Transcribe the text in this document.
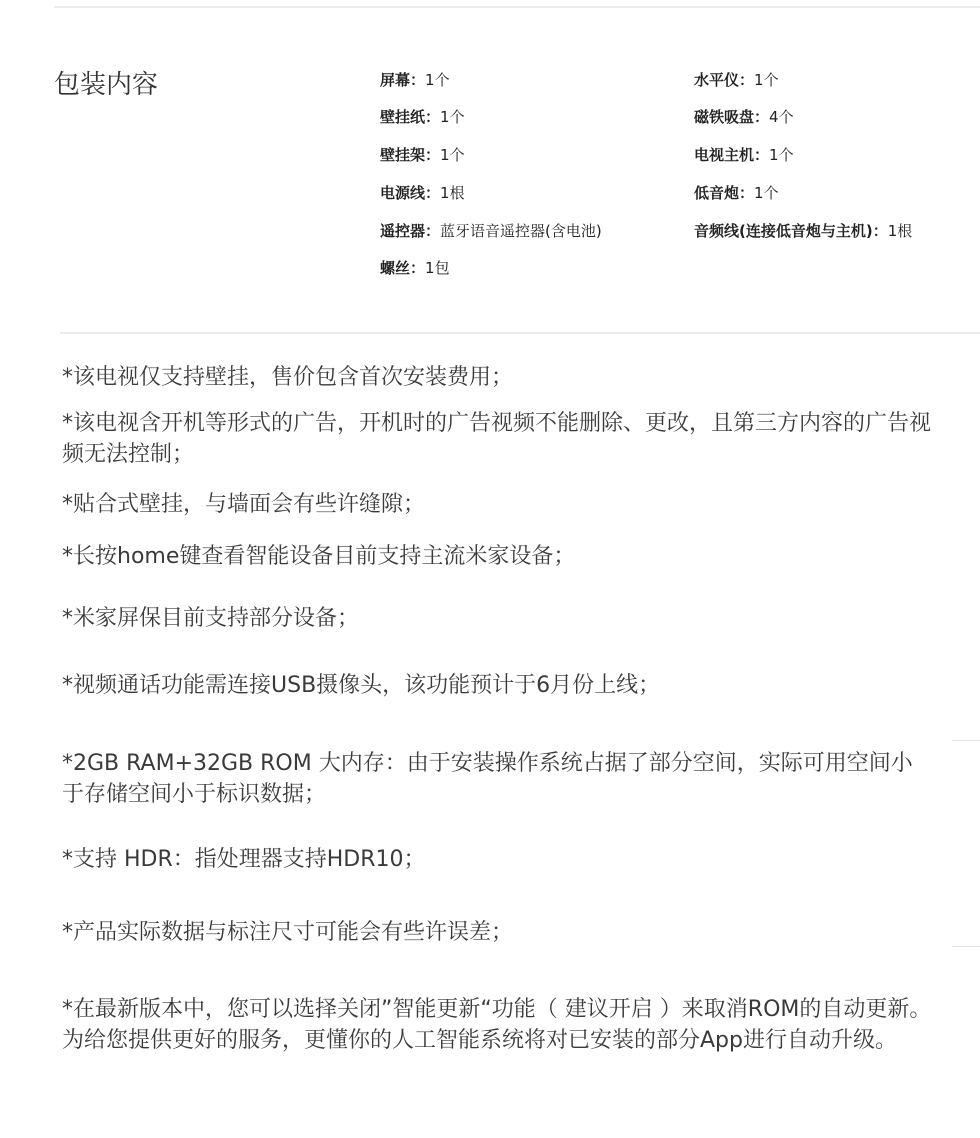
包装内容	屏幕：1个
壁挂纸：1个
壁挂架：1个
电源线：1根
遥控器：蓝牙语音遥控器(含电池)
螺丝：1包
水平仪：1个
磁铁吸盘：4个
电视主机：1个
低音炮：1个
音频线(连接低音炮与主机)：1根

*该电视仅支持壁挂，售价包含首次安装费用；

*该电视含开机等形式的广告，开机时的广告视频不能删除、更改，且第三方内容的广告视频无法控制；

*贴合式壁挂，与墙面会有些许缝隙；

*长按home键查看智能设备目前支持主流米家设备；

*米家屏保目前支持部分设备；

*视频通话功能需连接USB摄像头，该功能预计于6月份上线；

*2GB RAM+32GB ROM 大内存：由于安装操作系统占据了部分空间，实际可用空间小于存储空间小于标识数据；

*支持 HDR：指处理器支持HDR10；

*产品实际数据与标注尺寸可能会有些许误差；

*在最新版本中，您可以选择关闭”智能更新“功能（ 建议开启 ）来取消ROM的自动更新。为给您提供更好的服务，更懂你的人工智能系统将对已安装的部分App进行自动升级。
